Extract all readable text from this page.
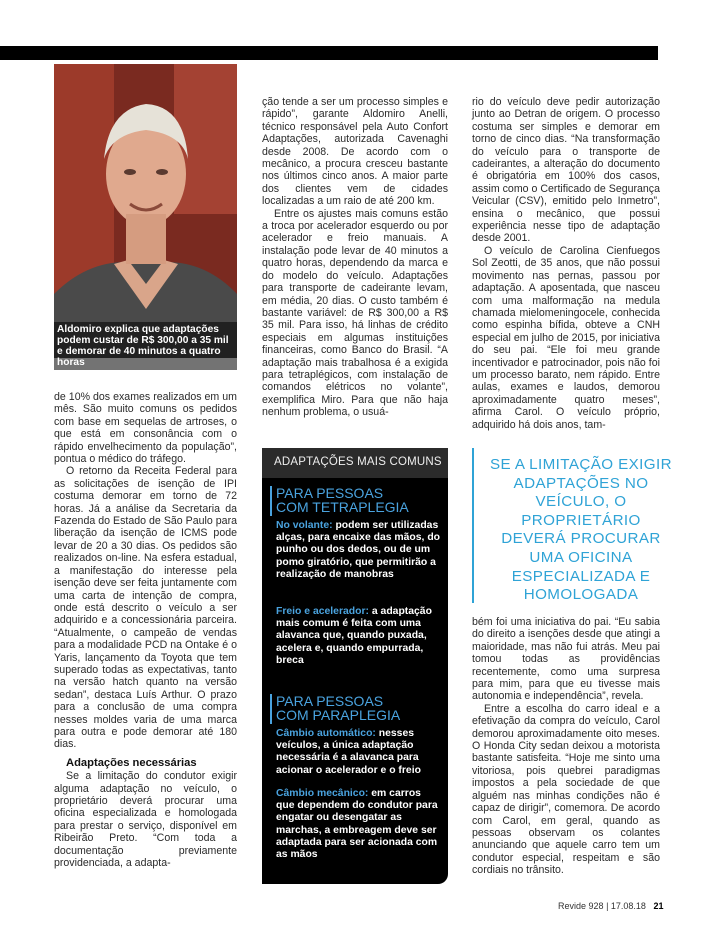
Aldomiro explica que adaptações podem custar de R$ 300,00 a 35 mil e demorar de 40 minutos a quatro horas

de 10% dos exames realizados em um mês. São muito comuns os pedidos com base em sequelas de artroses, o que está em consonância com o rápido envelhecimento da população”, pontua o médico do tráfego.

O retorno da Receita Federal para as solicitações de isenção de IPI costuma demorar em torno de 72 horas. Já a análise da Secretaria da Fazenda do Estado de São Paulo para liberação da isenção de ICMS pode levar de 20 a 30 dias. Os pedidos são realizados on-line. Na esfera estadual, a manifestação do interesse pela isenção deve ser feita juntamente com uma carta de intenção de compra, onde está descrito o veículo a ser adquirido e a concessionária parceira. “Atualmente, o campeão de vendas para a modalidade PCD na Ontake é o Yaris, lançamento da Toyota que tem superado todas as expectativas, tanto na versão hatch quanto na versão sedan”, destaca Luís Arthur. O prazo para a conclusão de uma compra nesses moldes varia de uma marca para outra e pode demorar até 180 dias.

Adaptações necessárias

Se a limitação do condutor exigir alguma adaptação no veículo, o proprietário deverá procurar uma oficina especializada e homologada para prestar o serviço, disponível em Ribeirão Preto. “Com toda a documentação previamente providenciada, a adapta-

ção tende a ser um processo simples e rápido”, garante Aldomiro Anelli, técnico responsável pela Auto Confort Adaptações, autorizada Cavenaghi desde 2008. De acordo com o mecânico, a procura cresceu bastante nos últimos cinco anos. A maior parte dos clientes vem de cidades localizadas a um raio de até 200 km.

Entre os ajustes mais comuns estão a troca por acelerador esquerdo ou por acelerador e freio manuais. A instalação pode levar de 40 minutos a quatro horas, dependendo da marca e do modelo do veículo. Adaptações para transporte de cadeirante levam, em média, 20 dias. O custo também é bastante variável: de R$ 300,00 a R$ 35 mil. Para isso, há linhas de crédito especiais em algumas instituições financeiras, como Banco do Brasil. “A adaptação mais trabalhosa é a exigida para tetraplégicos, com instalação de comandos elétricos no volante”, exemplifica Miro. Para que não haja nenhum problema, o usuá-

rio do veículo deve pedir autorização junto ao Detran de origem. O processo costuma ser simples e demorar em torno de cinco dias. “Na transformação do veículo para o transporte de cadeirantes, a alteração do documento é obrigatória em 100% dos casos, assim como o Certificado de Segurança Veicular (CSV), emitido pelo Inmetro”, ensina o mecânico, que possui experiência nesse tipo de adaptação desde 2001.

O veículo de Carolina Cienfuegos Sol Zeotti, de 35 anos, que não possui movimento nas pernas, passou por adaptação. A aposentada, que nasceu com uma malformação na medula chamada mielomeningocele, conhecida como espinha bífida, obteve a CNH especial em julho de 2015, por iniciativa do seu pai. “Ele foi meu grande incentivador e patrocinador, pois não foi um processo barato, nem rápido. Entre aulas, exames e laudos, demorou aproximadamente quatro meses”, afirma Carol. O veículo próprio, adquirido há dois anos, tam-

SE A LIMITAÇÃO EXIGIR ADAPTAÇÕES NO VEÍCULO, O PROPRIETÁRIO DEVERÁ PROCURAR UMA OFICINA ESPECIALIZADA E HOMOLOGADA

bém foi uma iniciativa do pai. “Eu sabia do direito a isenções desde que atingi a maioridade, mas não fui atrás. Meu pai tomou todas as providências recentemente, como uma surpresa para mim, para que eu tivesse mais autonomia e independência”, revela.

Entre a escolha do carro ideal e a efetivação da compra do veículo, Carol demorou aproximadamente oito meses. O Honda City sedan deixou a motorista bastante satisfeita. “Hoje me sinto uma vitoriosa, pois quebrei paradigmas impostos a pela sociedade de que alguém nas minhas condições não é capaz de dirigir”, comemora. De acordo com Carol, em geral, quando as pessoas observam os colantes anunciando que aquele carro tem um condutor especial, respeitam e são cordiais no trânsito.

ADAPTAÇÕES MAIS COMUNS
PARA PESSOAS
COM TETRAPLEGIA
No volante: podem ser utilizadas alças, para encaixe das mãos, do punho ou dos dedos, ou de um pomo giratório, que permitirão a realização de manobras
Freio e acelerador: a adaptação mais comum é feita com uma alavanca que, quando puxada, acelera e, quando empurrada, breca
PARA PESSOAS
COM PARAPLEGIA
Câmbio automático: nesses veículos, a única adaptação necessária é a alavanca para acionar o acelerador e o freio
Câmbio mecânico: em carros que dependem do condutor para engatar ou desengatar as marchas, a embreagem deve ser adaptada para ser acionada com as mãos
Revide 928 | 17.08.18 21
